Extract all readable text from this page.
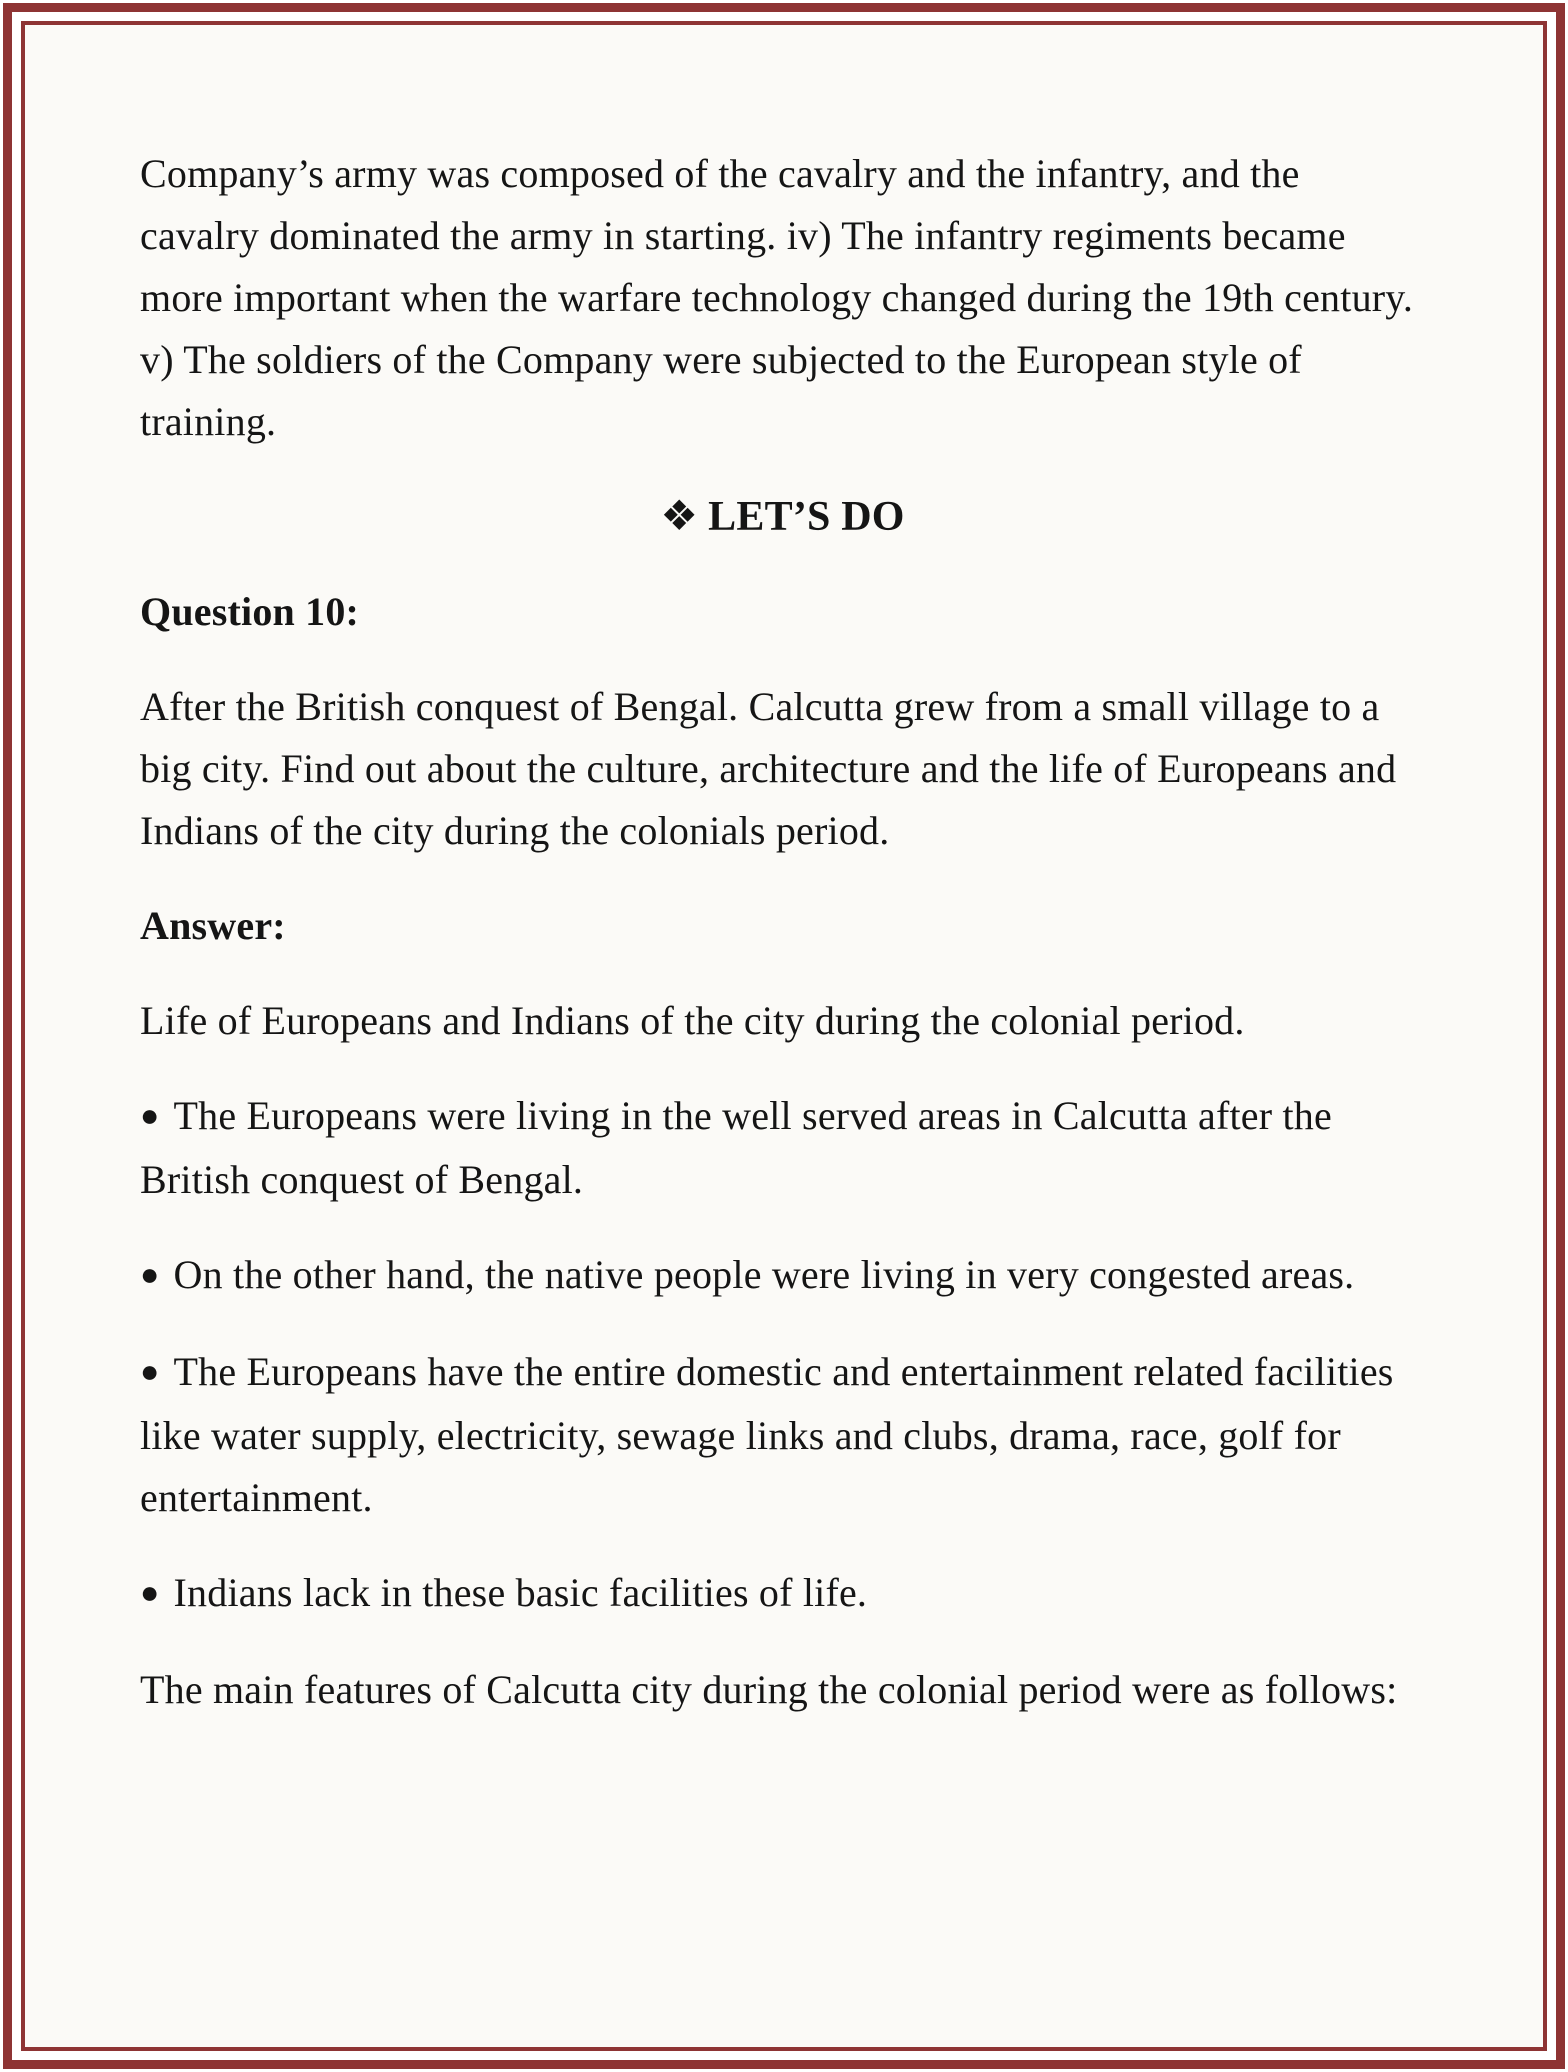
Company’s army was composed of the cavalry and the infantry, and the cavalry dominated the army in starting. iv) The infantry regiments became more important when the warfare technology changed during the 19th century. v) The soldiers of the Company were subjected to the European style of training.

❖ LET’S DO

Question 10:

After the British conquest of Bengal. Calcutta grew from a small village to a big city. Find out about the culture, architecture and the life of Europeans and Indians of the city during the colonials period.

Answer:

Life of Europeans and Indians of the city during the colonial period.

● The Europeans were living in the well served areas in Calcutta after the British conquest of Bengal.

● On the other hand, the native people were living in very congested areas.

● The Europeans have the entire domestic and entertainment related facilities like water supply, electricity, sewage links and clubs, drama, race, golf for entertainment.

● Indians lack in these basic facilities of life.

The main features of Calcutta city during the colonial period were as follows:
